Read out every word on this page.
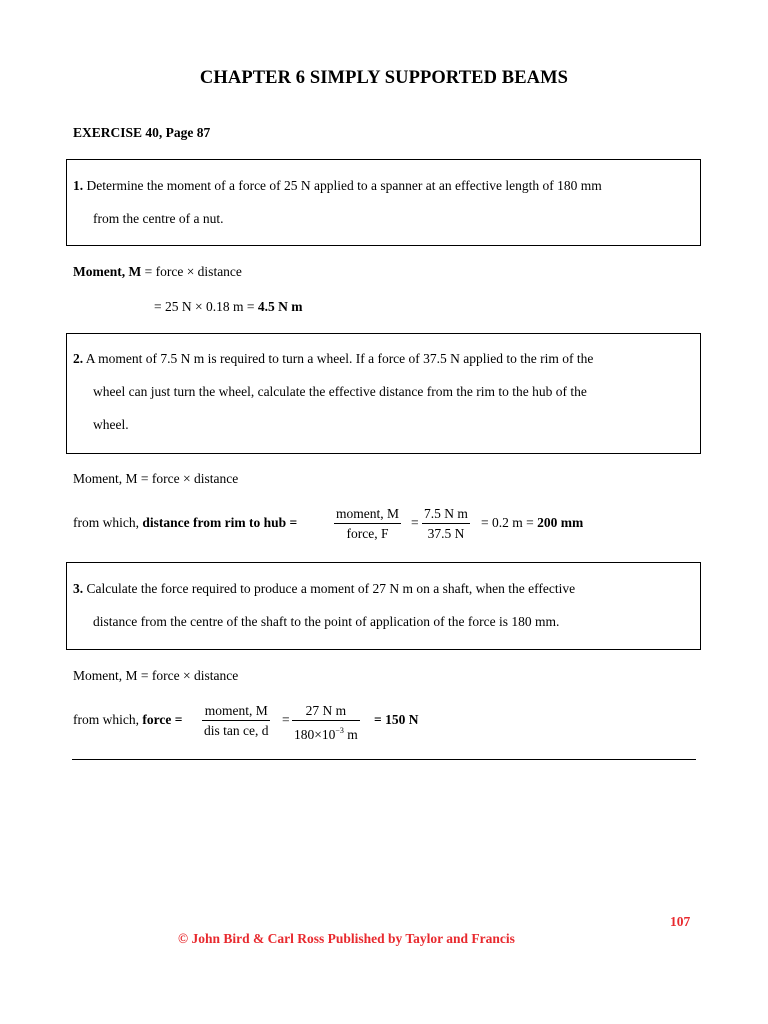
CHAPTER 6 SIMPLY SUPPORTED BEAMS
EXERCISE 40, Page 87
1. Determine the moment of a force of 25 N applied to a spanner at an effective length of 180 mm
from the centre of a nut.
Moment, M = force × distance
= 25 N × 0.18 m = 4.5 N m
2. A moment of 7.5 N m is required to turn a wheel. If a force of 37.5 N applied to the rim of the
wheel can just turn the wheel, calculate the effective distance from the rim to the hub of the
wheel.
Moment, M = force × distance
from which, distance from rim to hub =
moment, M
force, F
= $\frac{\text{7.5 N m}}{37.5 N} = 0.2$ m = 200 mm
3. Calculate the force required to produce a moment of 27 N m on a shaft, when the effective
distance from the centre of the shaft to the point of application of the force is 180 mm.
Moment, M = force × distance
from which, force =
moment, M
dis tan ce, d
= $\frac{\text{27 N m}}{180\times 10^{-3} m} = 150$ N
107
© John Bird & Carl Ross Published by Taylor and Francis
